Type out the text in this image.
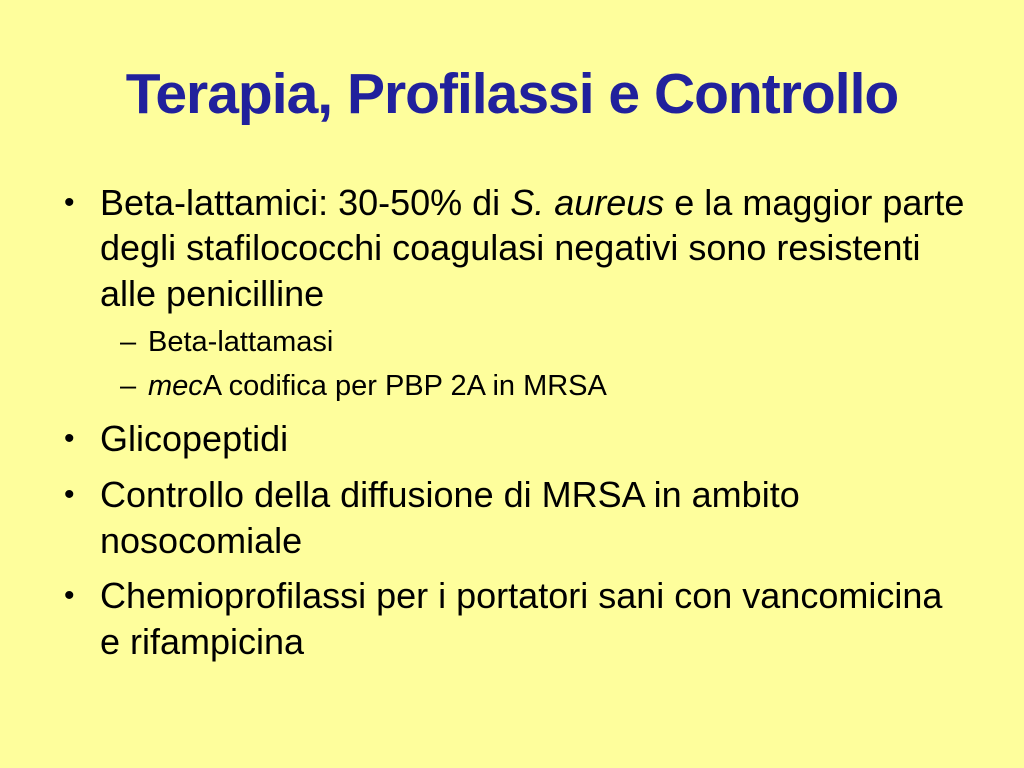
Terapia, Profilassi e Controllo
• Beta-lattamici: 30-50% di S. aureus e la maggior parte degli stafilococchi coagulasi negativi sono resistenti alle penicilline
– Beta-lattamasi
– mecA codifica per PBP 2A in MRSA
• Glicopeptidi
• Controllo della diffusione di MRSA in ambito nosocomiale
• Chemioprofilassi per i portatori sani con vancomicina e rifampicina
